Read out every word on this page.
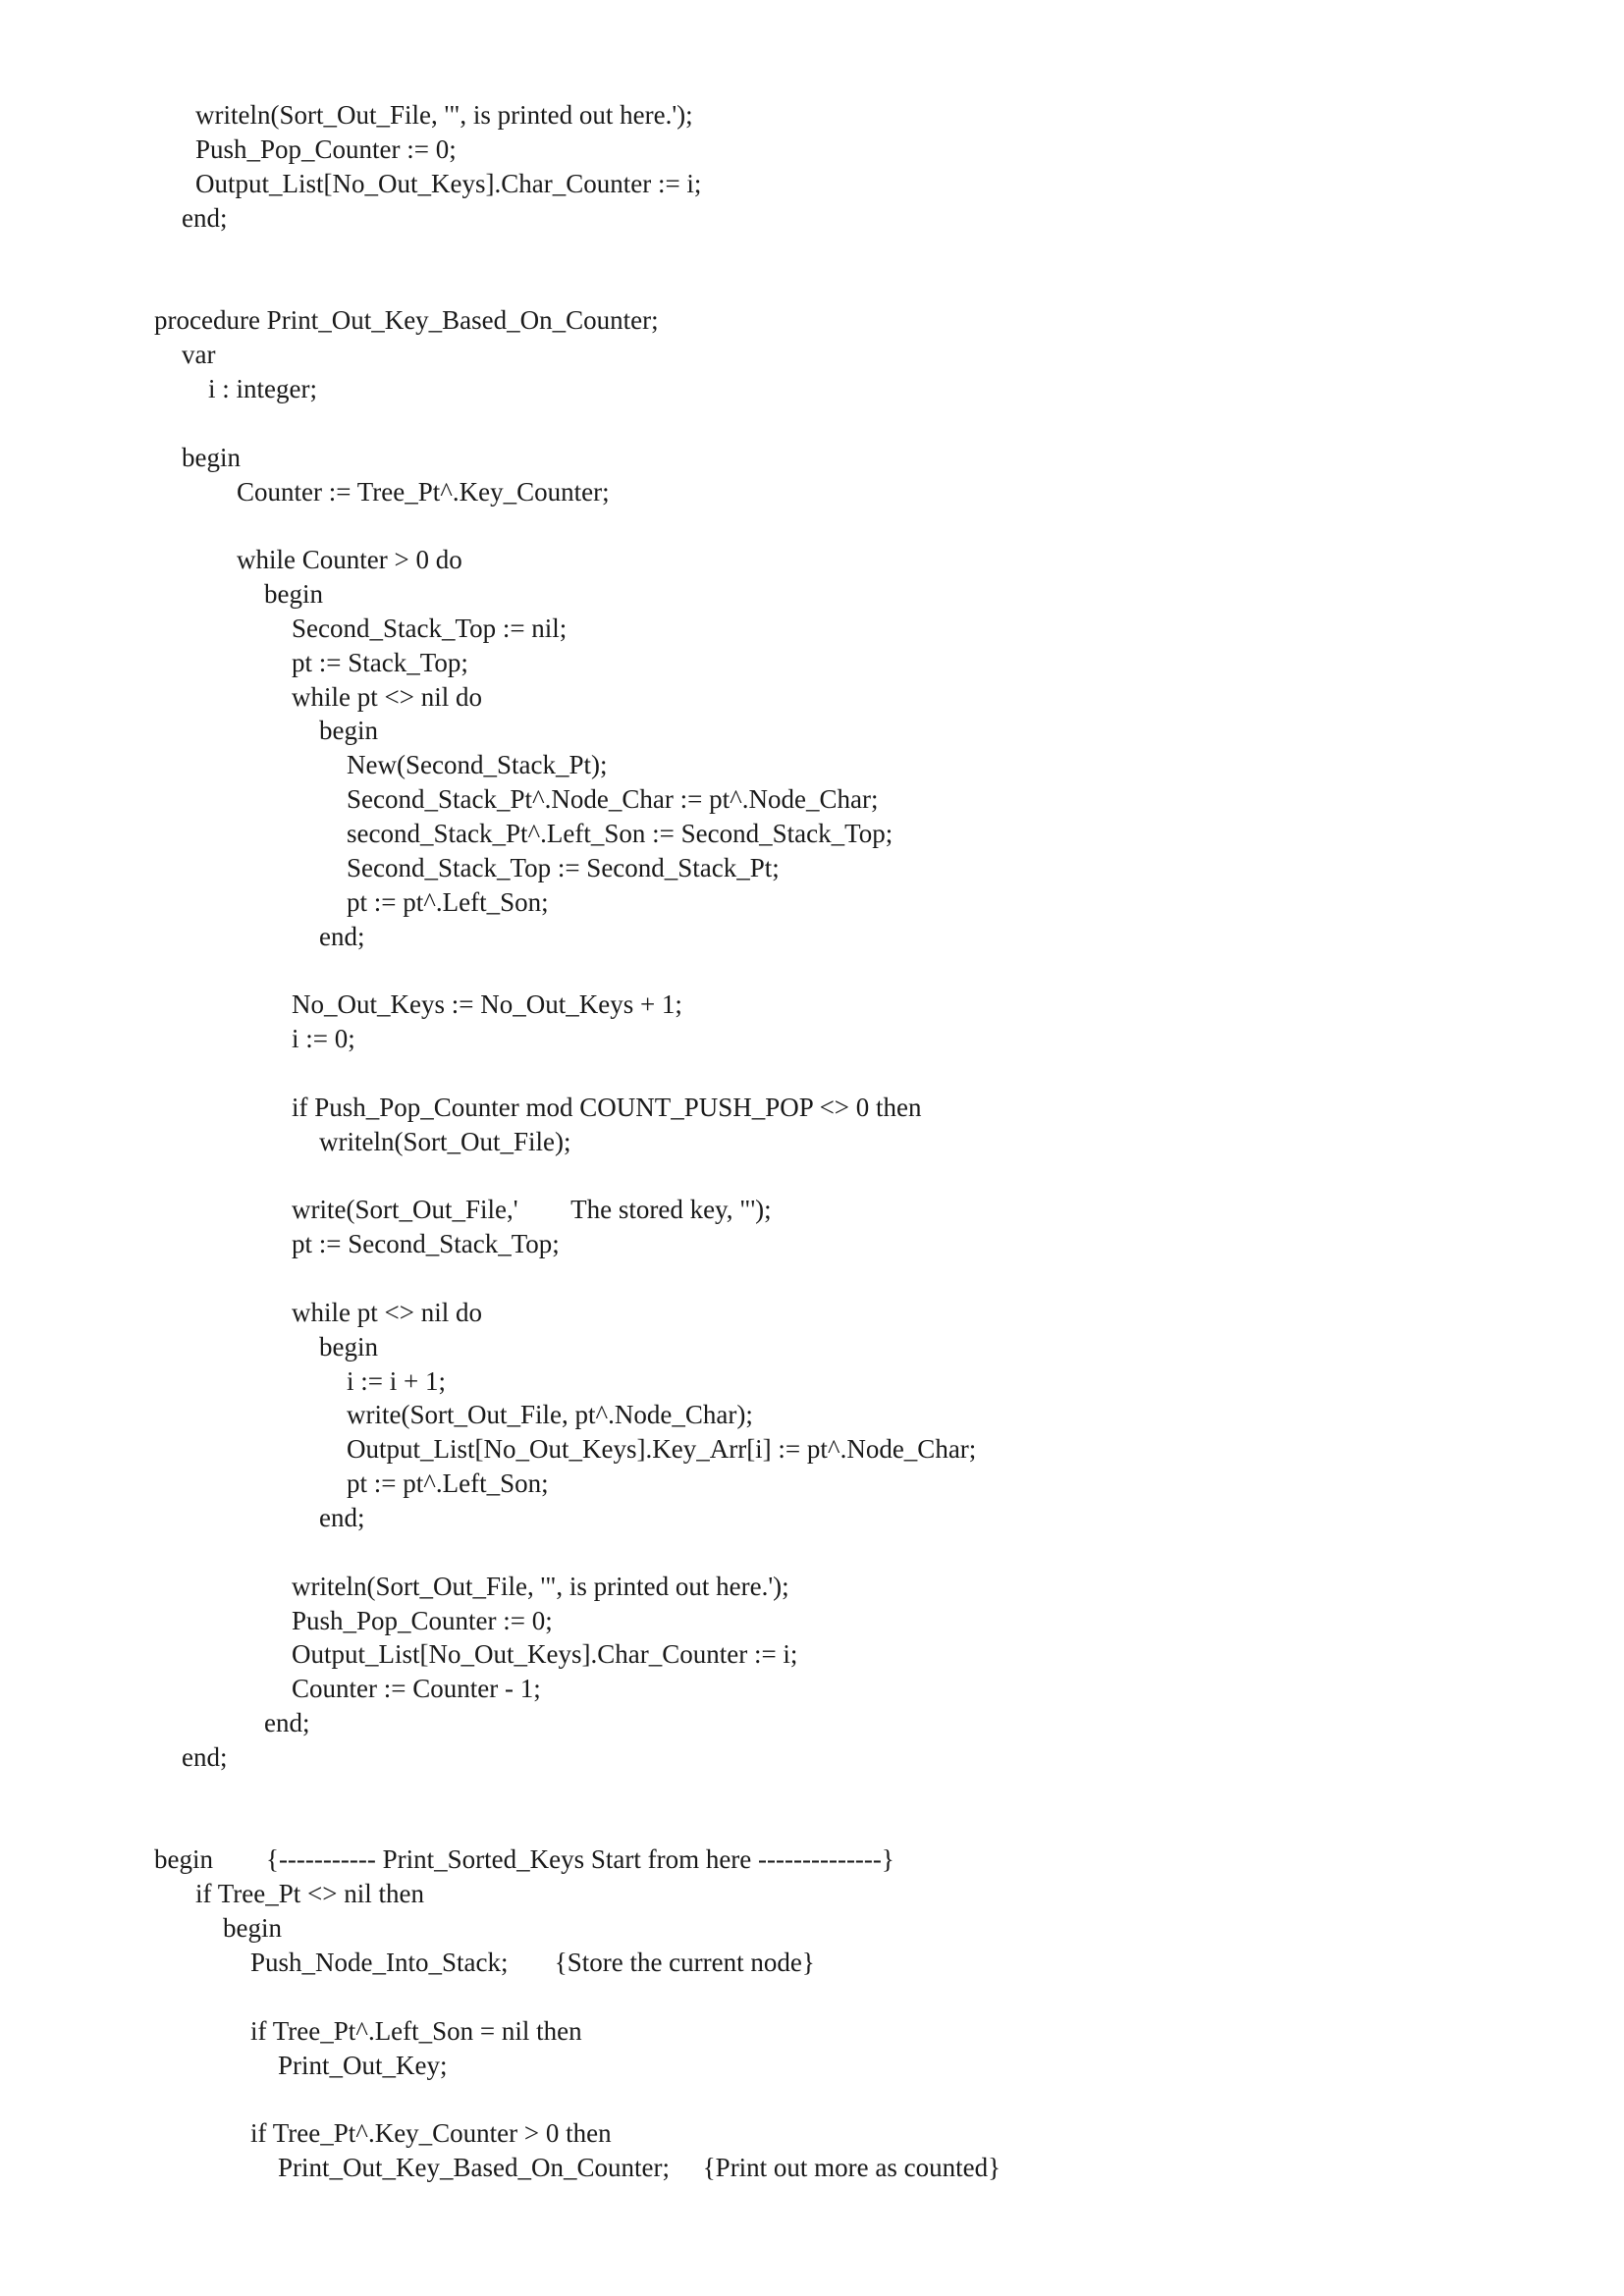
writeln(Sort_Out_File, '", is printed out here.');
Push_Pop_Counter := 0;
Output_List[No_Out_Keys].Char_Counter := i;
end;
procedure Print_Out_Key_Based_On_Counter;
var
i : integer;
begin
Counter := Tree_Pt^.Key_Counter;
while Counter > 0 do
begin
Second_Stack_Top := nil;
pt := Stack_Top;
while pt <> nil do
begin
New(Second_Stack_Pt);
Second_Stack_Pt^.Node_Char := pt^.Node_Char;
second_Stack_Pt^.Left_Son := Second_Stack_Top;
Second_Stack_Top := Second_Stack_Pt;
pt := pt^.Left_Son;
end;
No_Out_Keys := No_Out_Keys + 1;
i := 0;
if Push_Pop_Counter mod COUNT_PUSH_POP <> 0 then
writeln(Sort_Out_File);
write(Sort_Out_File,'        The stored key, "');
pt := Second_Stack_Top;
while pt <> nil do
begin
i := i + 1;
write(Sort_Out_File, pt^.Node_Char);
Output_List[No_Out_Keys].Key_Arr[i] := pt^.Node_Char;
pt := pt^.Left_Son;
end;
writeln(Sort_Out_File, '", is printed out here.');
Push_Pop_Counter := 0;
Output_List[No_Out_Keys].Char_Counter := i;
Counter := Counter - 1;
end;
end;
begin        {----------- Print_Sorted_Keys Start from here --------------}
if Tree_Pt <> nil then
begin
Push_Node_Into_Stack;       {Store the current node}
if Tree_Pt^.Left_Son = nil then
Print_Out_Key;
if Tree_Pt^.Key_Counter > 0 then
Print_Out_Key_Based_On_Counter;     {Print out more as counted}
